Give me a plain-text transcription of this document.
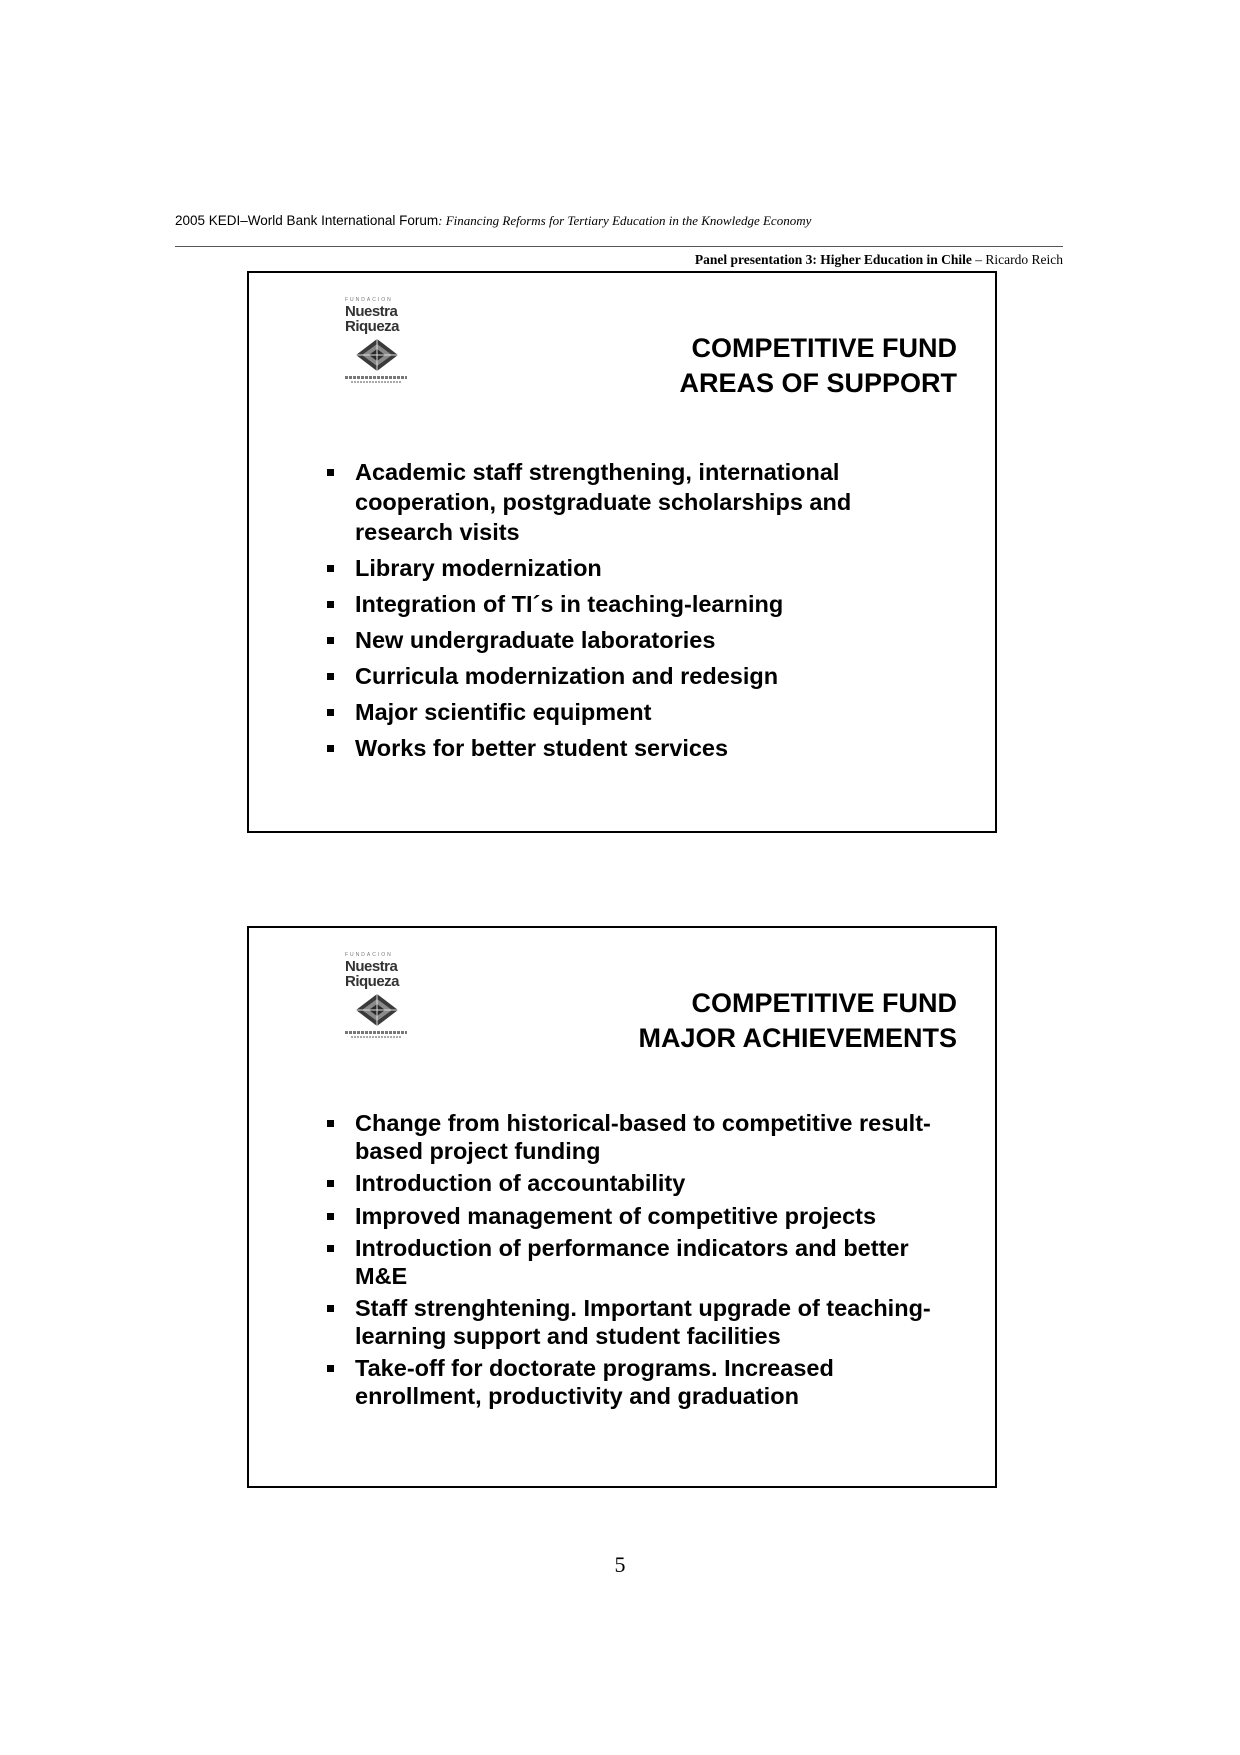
2005 KEDI–World Bank International Forum: Financing Reforms for Tertiary Education in the Knowledge Economy
Panel presentation 3: Higher Education in Chile – Ricardo Reich
FUNDACION
Nuestra
Riqueza
COMPETITIVE FUND
AREAS OF SUPPORT
Academic staff strengthening, international cooperation, postgraduate scholarships and research visits
Library modernization
Integration of TI´s in teaching-learning
New undergraduate laboratories
Curricula modernization and redesign
Major scientific equipment
Works for better student services
FUNDACION
Nuestra
Riqueza
COMPETITIVE FUND
MAJOR ACHIEVEMENTS
Change from historical-based to competitive result-based project funding
Introduction of accountability
Improved management of competitive projects
Introduction of performance indicators and better M&E
Staff strenghtening. Important upgrade of teaching-learning support and student facilities
Take-off for doctorate programs. Increased enrollment, productivity and graduation
5
